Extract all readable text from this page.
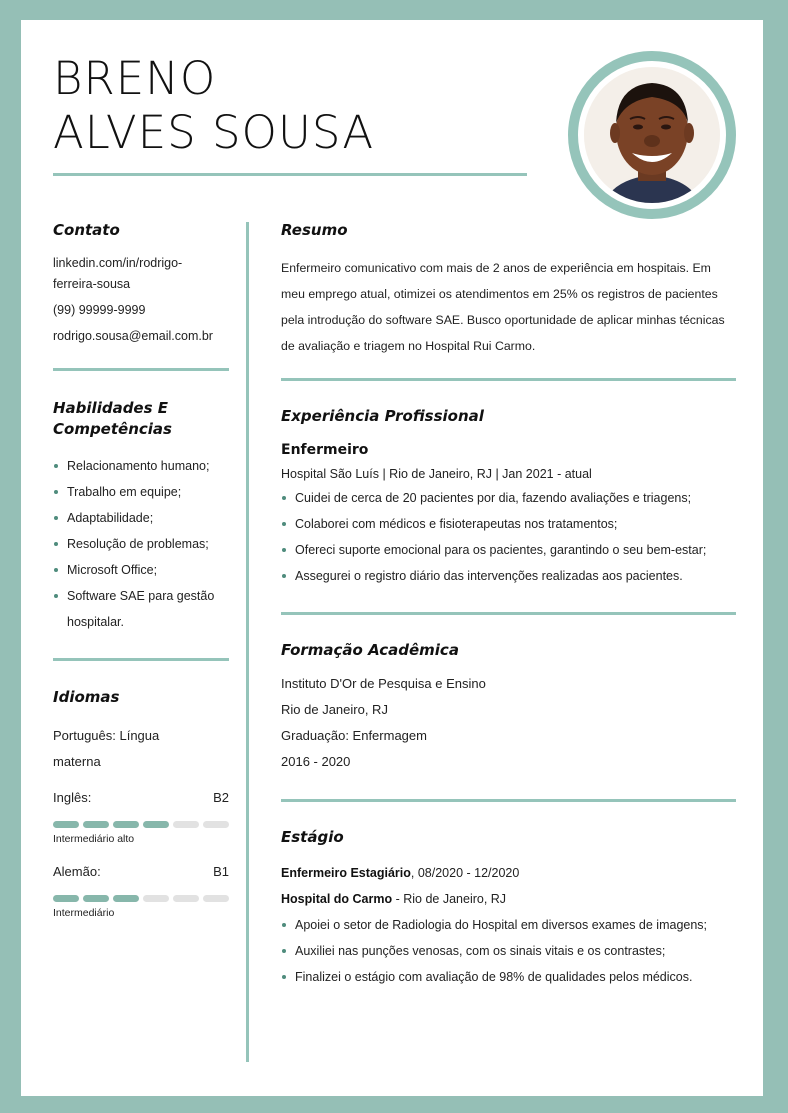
BRENO
ALVES SOUSA
Contato
linkedin.com/in/rodrigo-
ferreira-sousa
(99) 99999-9999
rodrigo.sousa@email.com.br
Habilidades E
Competências
Relacionamento humano;
Trabalho em equipe;
Adaptabilidade;
Resolução de problemas;
Microsoft Office;
Software SAE para gestão hospitalar.
Idiomas
Português: Língua materna
Inglês:	B2
Intermediário alto
Alemão:	B1
Intermediário
Resumo

Enfermeiro comunicativo com mais de 2 anos de experiência em hospitais. Em meu emprego atual, otimizei os atendimentos em 25% os registros de pacientes pela introdução do software SAE. Busco oportunidade de aplicar minhas técnicas de avaliação e triagem no Hospital Rui Carmo.

Experiência Profissional
Enfermeiro
Hospital São Luís | Rio de Janeiro, RJ | Jan 2021 - atual
Cuidei de cerca de 20 pacientes por dia, fazendo avaliações e triagens;
Colaborei com médicos e fisioterapeutas nos tratamentos;
Ofereci suporte emocional para os pacientes, garantindo o seu bem-estar;
Assegurei o registro diário das intervenções realizadas aos pacientes.
Formação Acadêmica
Instituto D'Or de Pesquisa e Ensino
Rio de Janeiro, RJ
Graduação: Enfermagem
2016 - 2020
Estágio
Enfermeiro Estagiário, 08/2020 - 12/2020
Hospital do Carmo - Rio de Janeiro, RJ
Apoiei o setor de Radiologia do Hospital em diversos exames de imagens;
Auxiliei nas punções venosas, com os sinais vitais e os contrastes;
Finalizei o estágio com avaliação de 98% de qualidades pelos médicos.
